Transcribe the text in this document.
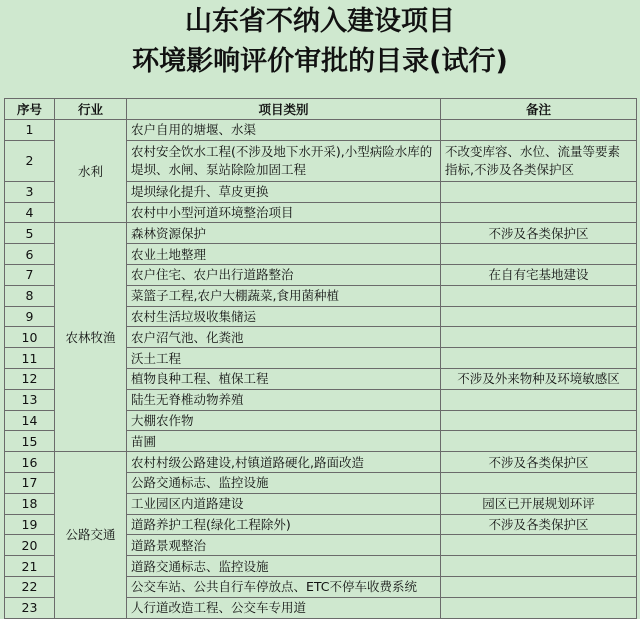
山东省不纳入建设项目
环境影响评价审批的目录(试行)
序号	行业	项目类别	备注
1	水利	农户自用的塘堰、水渠	
2		农村安全饮水工程(不涉及地下水开采),小型病险水库的堤坝、水闸、泵站除险加固工程	不改变库容、水位、流量等要素指标,不涉及各类保护区
3		堤坝绿化提升、草皮更换	
4		农村中小型河道环境整治项目	
5	农林牧渔	森林资源保护	不涉及各类保护区
6		农业土地整理	
7		农户住宅、农户出行道路整治	在自有宅基地建设
8		菜篮子工程,农户大棚蔬菜,食用菌种植	
9		农村生活垃圾收集储运	
10		农户沼气池、化粪池	
11		沃土工程	
12		植物良种工程、植保工程	不涉及外来物种及环境敏感区
13		陆生无脊椎动物养殖	
14		大棚农作物	
15		苗圃	
16	公路交通	农村村级公路建设,村镇道路硬化,路面改造	不涉及各类保护区
17		公路交通标志、监控设施	
18		工业园区内道路建设	园区已开展规划环评
19		道路养护工程(绿化工程除外)	不涉及各类保护区
20		道路景观整治	
21		道路交通标志、监控设施	
22		公交车站、公共自行车停放点、ETC不停车收费系统	
23		人行道改造工程、公交车专用道	
